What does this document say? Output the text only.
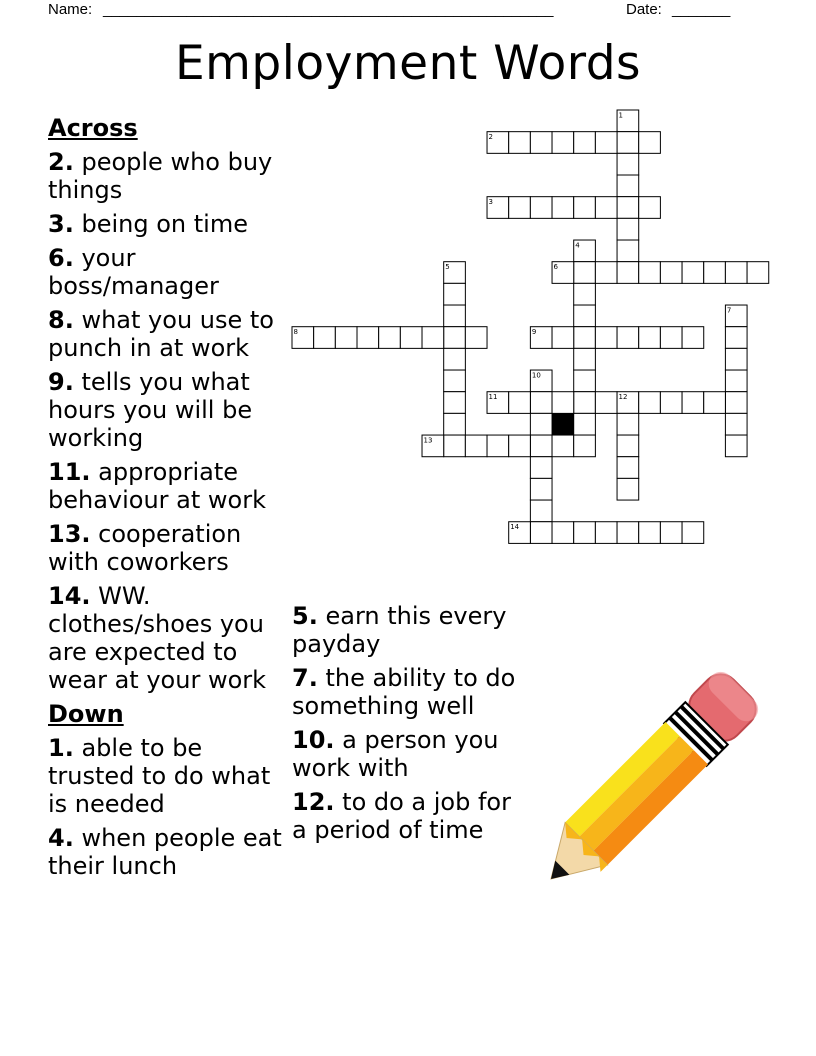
Name: ______________________________________________________	Date: _______
Employment Words
Across
2. people who buy things
3. being on time
6. your boss/manager
8. what you use to punch in at work
9. tells you what hours you will be working
11. appropriate behaviour at work
13. cooperation with coworkers
14. WW. clothes/shoes you are expected to wear at your work
Down
1. able to be trusted to do what is needed
4. when people eat their lunch
5. earn this every payday
7. the ability to do something well
10. a person you work with
12. to do a job for a period of time
1
2
3
4
5	6
7
8	9
10
11	12
13
14
